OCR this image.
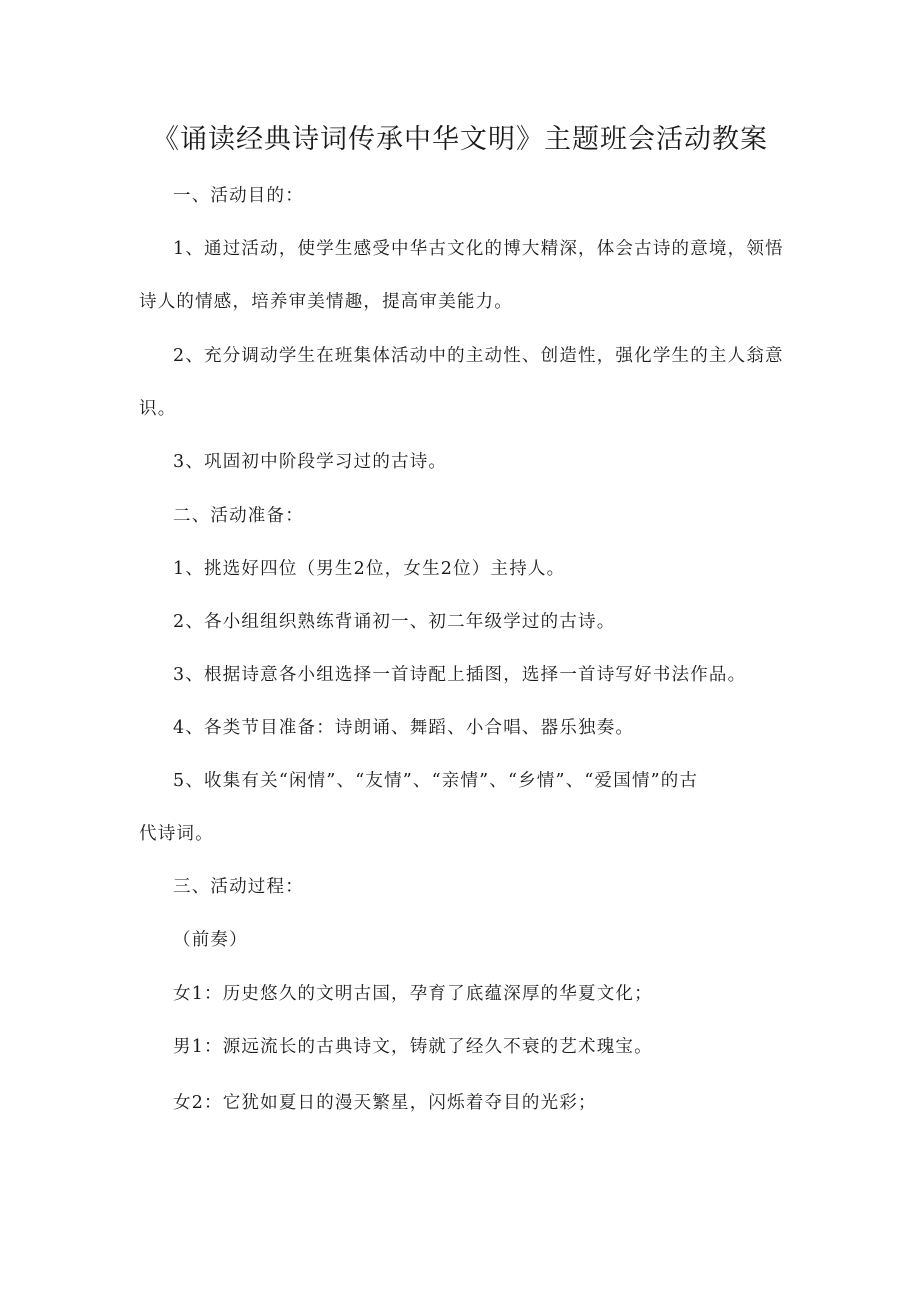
《诵读经典诗词传承中华文明》主题班会活动教案
一、活动目的：
1、通过活动，使学生感受中华古文化的博大精深，体会古诗的意境，领悟
诗人的情感，培养审美情趣，提高审美能力。
2、充分调动学生在班集体活动中的主动性、创造性，强化学生的主人翁意
识。
3、巩固初中阶段学习过的古诗。
二、活动准备：
1、挑选好四位（男生2位，女生2位）主持人。
2、各小组组织熟练背诵初一、初二年级学过的古诗。
3、根据诗意各小组选择一首诗配上插图，选择一首诗写好书法作品。
4、各类节目准备：诗朗诵、舞蹈、小合唱、器乐独奏。
5、收集有关“闲情”、“友情”、“亲情”、“乡情”、“爱国情”的古
代诗词。
三、活动过程：
（前奏）
女1：历史悠久的文明古国，孕育了底蕴深厚的华夏文化；
男1：源远流长的古典诗文，铸就了经久不衰的艺术瑰宝。
女2：它犹如夏日的漫天繁星，闪烁着夺目的光彩；
